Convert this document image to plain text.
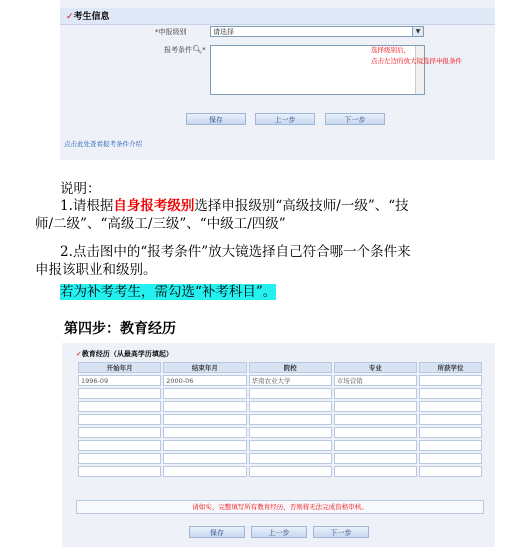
✓考生信息
*申报级别	请选择	▼
报考条件🔍︎*	选择级别后，
点击左边的放大镜选择申报条件
保存	上一步	下一步
点击此处查看报考条件介绍
说明：
1.请根据自身报考级别选择申报级别“高级技师/一级”、“技
师/二级”、“高级工/三级”、“中级工/四级”
2.点击图中的“报考条件”放大镜选择自己符合哪一个条件来
申报该职业和级别。
若为补考考生，需勾选“补考科目”。
第四步：教育经历
✓教育经历（从最高学历填起）
开始年月	结束年月	院校	专业	所获学位
1996-09	2000-06	华南农业大学	市场营销	

请如实、完整填写所有教育经历，否则将无法完成资格审核。
保存	上一步	下一步
